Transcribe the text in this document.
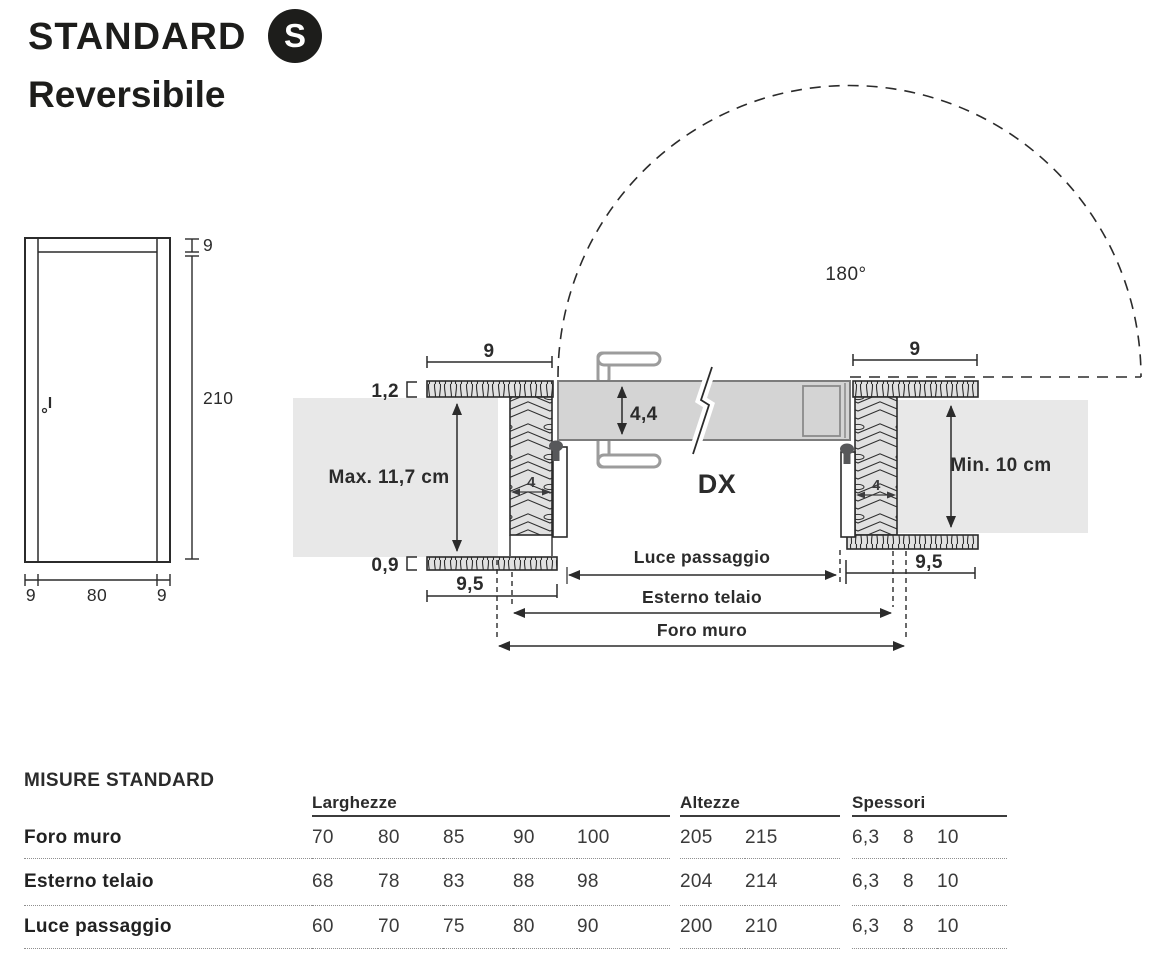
STANDARD S
Reversibile
9
210
9	80	9
180°
4	4
9	9
1,2
0,9
Max. 11,7 cm
Min. 10 cm
4,4
DX
9,5
9,5
Luce passaggio
Esterno telaio
Foro muro
MISURE STANDARD
Larghezze	Altezze	Spessori
Foro muro	70	80	85	90	100	205	215	6,3	8	10
Esterno telaio	68	78	83	88	98	204	214	6,3	8	10
Luce passaggio	60	70	75	80	90	200	210	6,3	8	10
